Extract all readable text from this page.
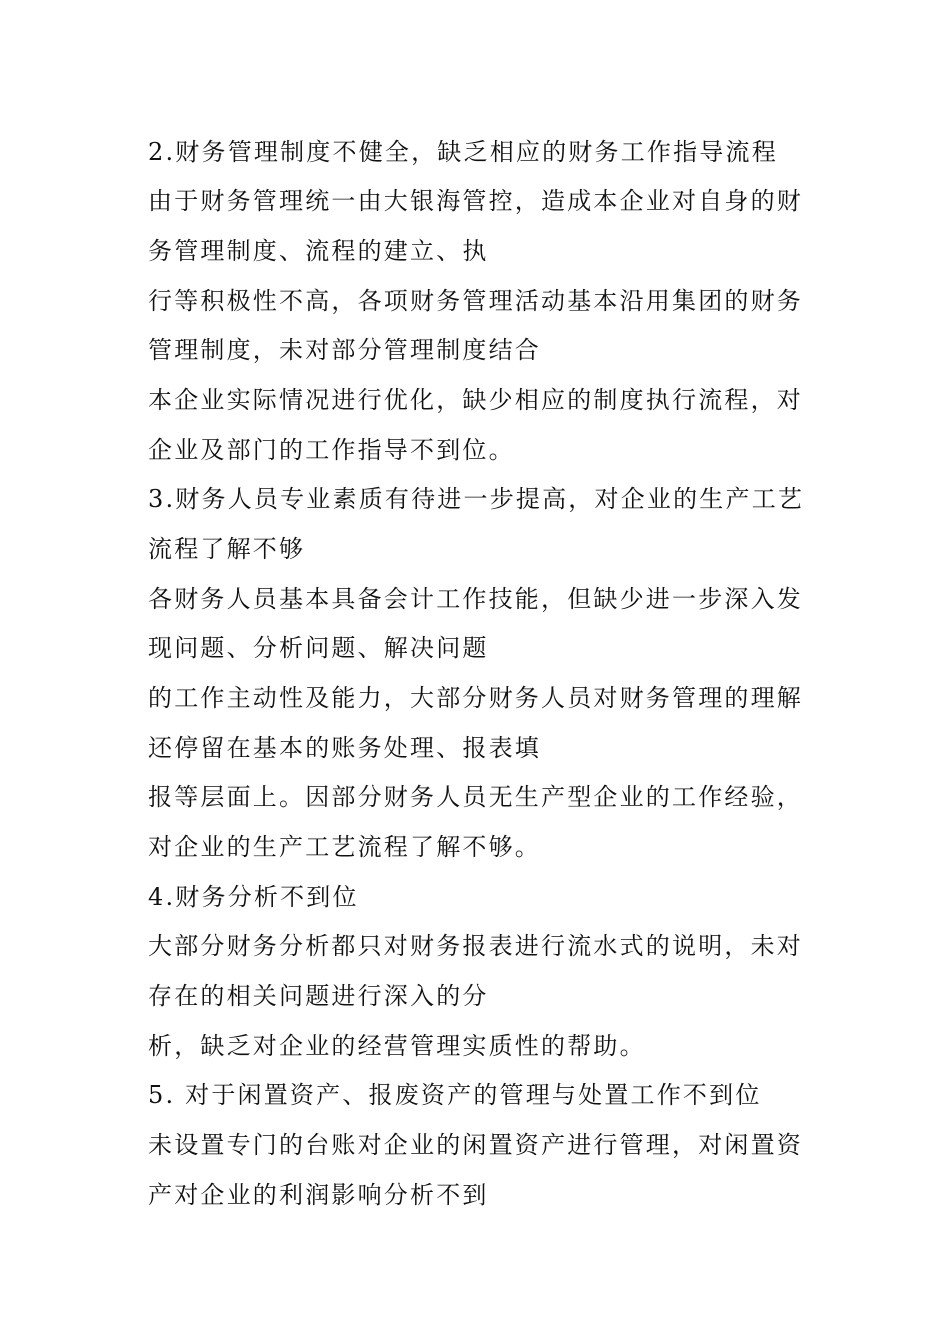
2.财务管理制度不健全，缺乏相应的财务工作指导流程
由于财务管理统一由大银海管控，造成本企业对自身的财
务管理制度、流程的建立、执
行等积极性不高，各项财务管理活动基本沿用集团的财务
管理制度，未对部分管理制度结合
本企业实际情况进行优化，缺少相应的制度执行流程，对
企业及部门的工作指导不到位。
3.财务人员专业素质有待进一步提高，对企业的生产工艺
流程了解不够
各财务人员基本具备会计工作技能，但缺少进一步深入发
现问题、分析问题、解决问题
的工作主动性及能力，大部分财务人员对财务管理的理解
还停留在基本的账务处理、报表填
报等层面上。因部分财务人员无生产型企业的工作经验，
对企业的生产工艺流程了解不够。
4.财务分析不到位
大部分财务分析都只对财务报表进行流水式的说明，未对
存在的相关问题进行深入的分
析，缺乏对企业的经营管理实质性的帮助。
5. 对于闲置资产、报废资产的管理与处置工作不到位
未设置专门的台账对企业的闲置资产进行管理，对闲置资
产对企业的利润影响分析不到
